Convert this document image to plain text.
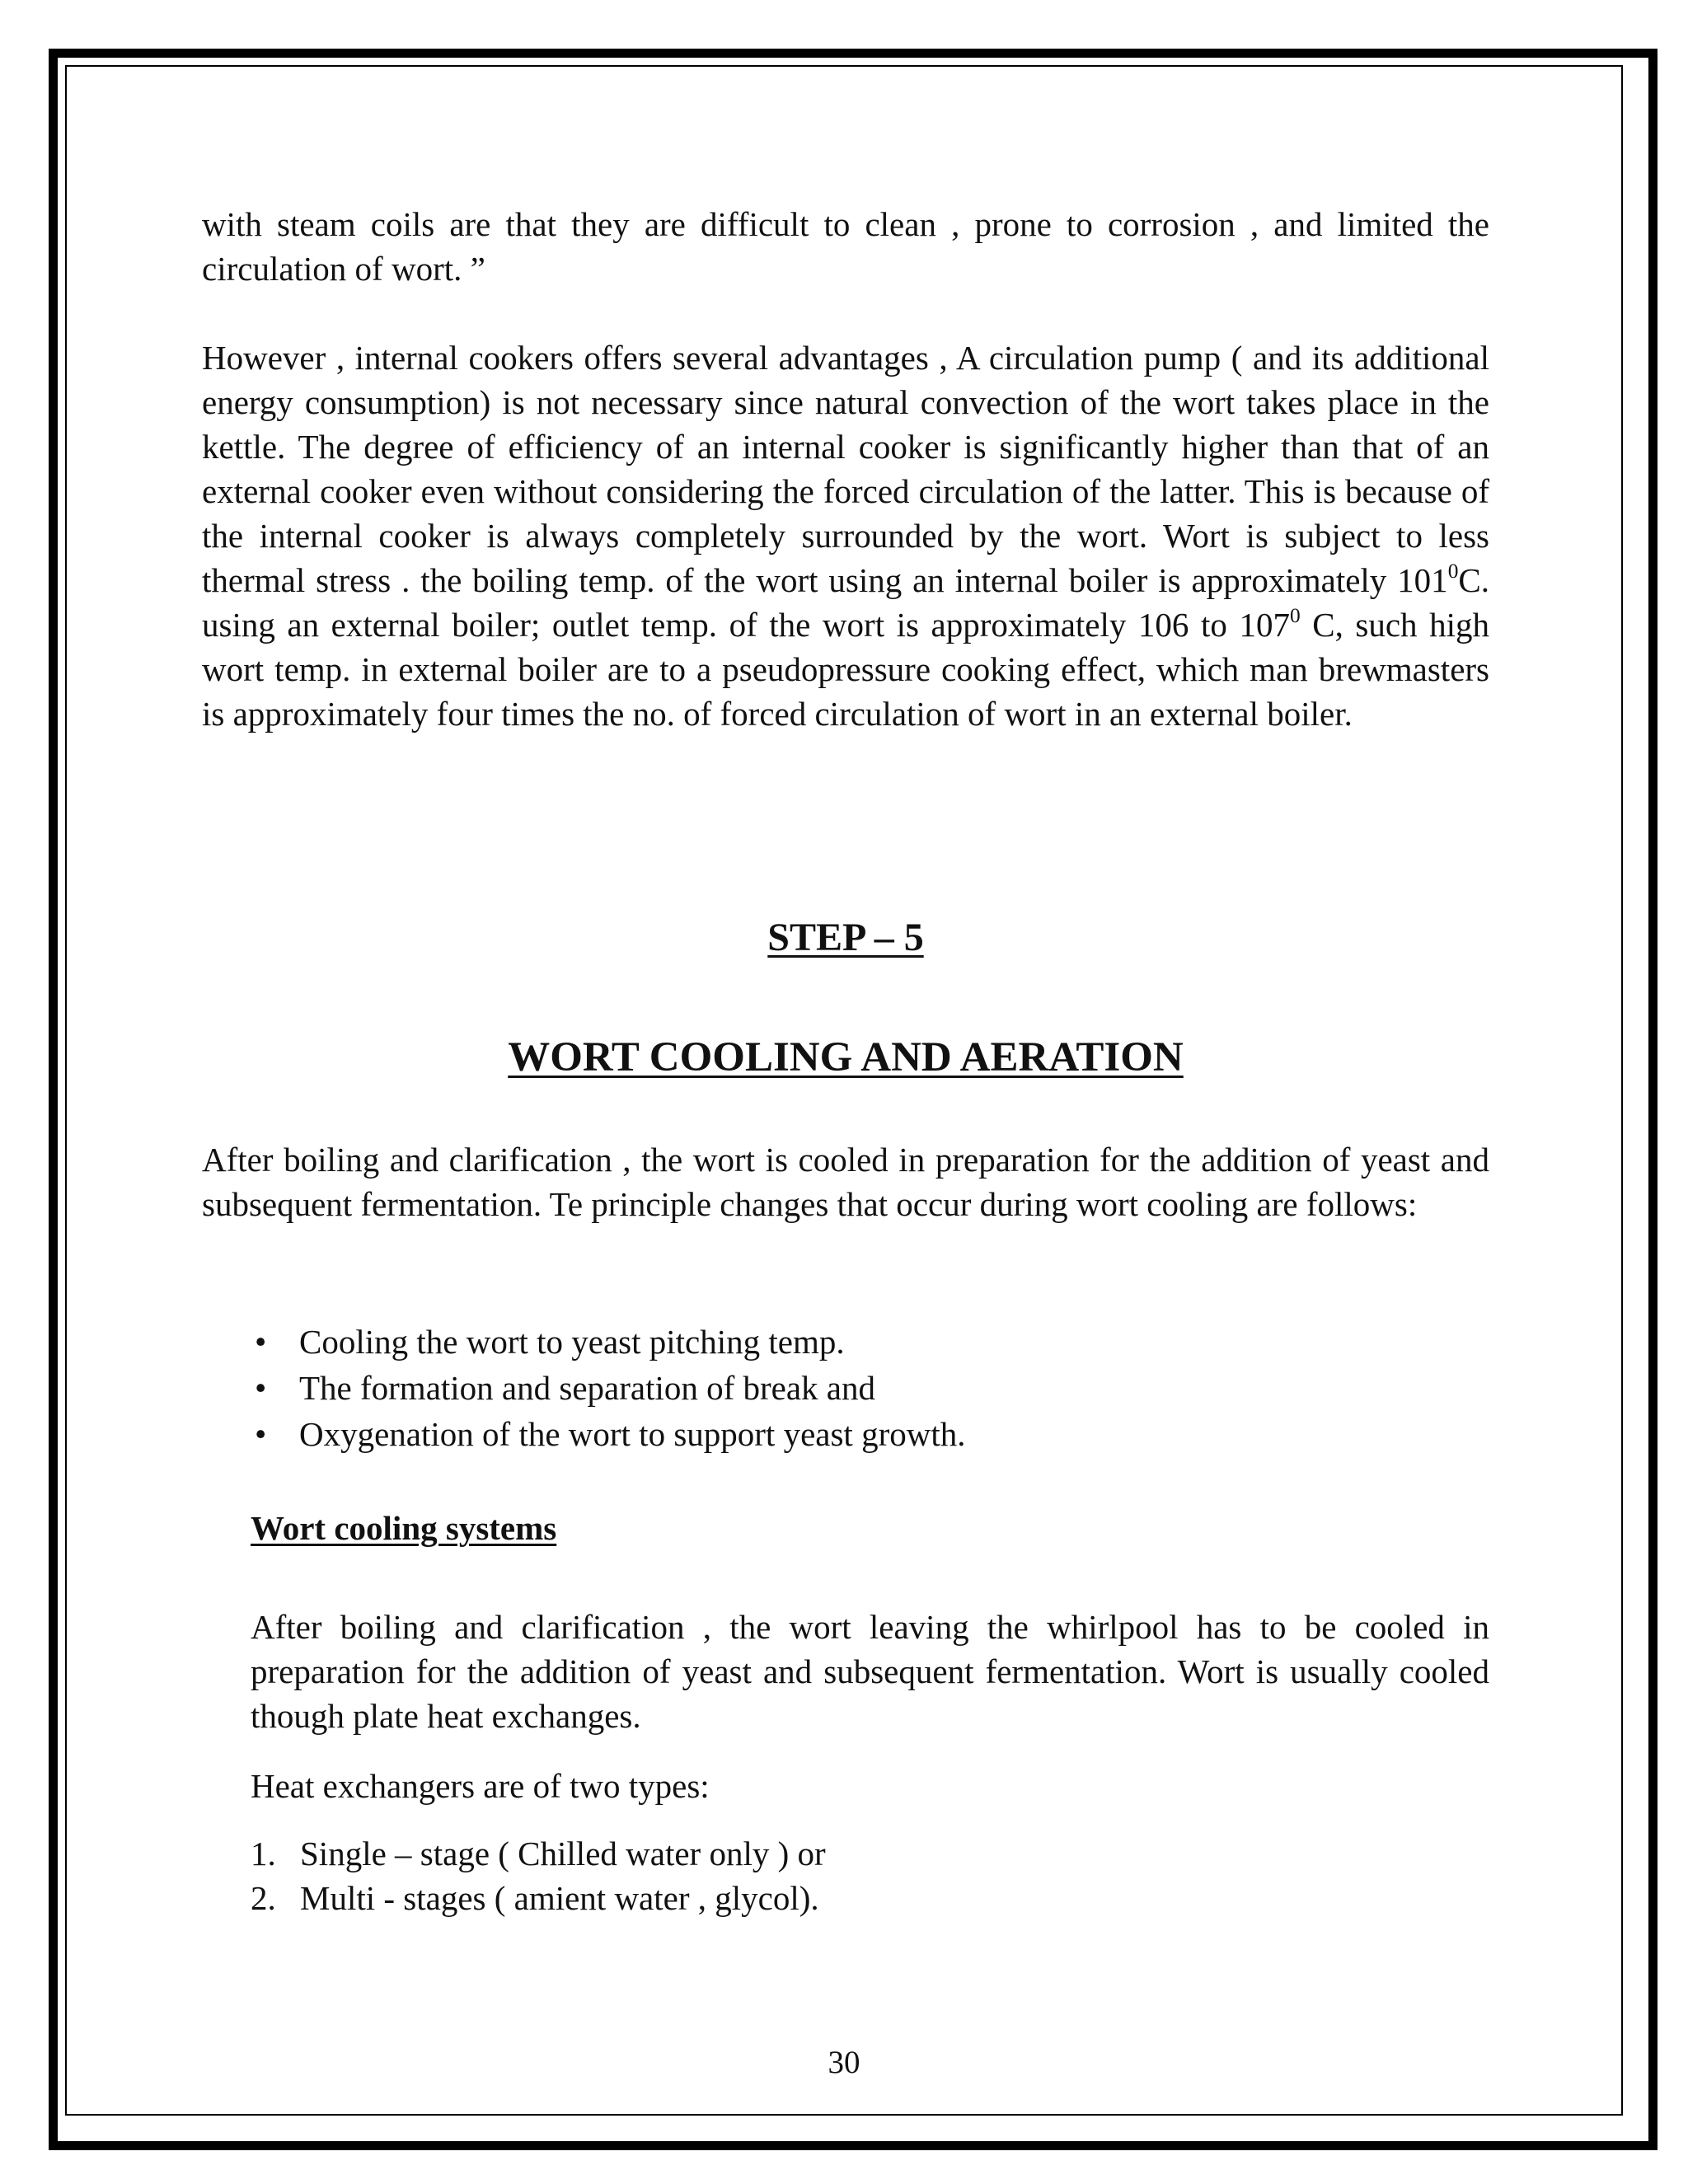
with steam coils are that they are difficult to clean , prone to corrosion , and limited the circulation of wort. ”

However , internal cookers offers several advantages , A circulation pump ( and its additional energy consumption) is not necessary since natural convection of the wort takes place in the kettle. The degree of efficiency of an internal cooker is significantly higher than that of an external cooker even without considering the forced circulation of the latter. This is because of the internal cooker is always completely surrounded by the wort. Wort is subject to less thermal stress . the boiling temp. of the wort using an internal boiler is approximately $101^0C$. using an external boiler; outlet temp. of the wort is approximately 106 to $107^0$ C, such high wort temp. in external boiler are to a pseudopressure cooking effect, which man brewmasters is approximately four times the no. of forced circulation of wort in an external boiler.

STEP – 5
WORT COOLING AND AERATION

After boiling and clarification , the wort is cooled in preparation for the addition of yeast and subsequent fermentation. Te principle changes that occur during wort cooling are follows:

• Cooling the wort to yeast pitching temp.
• The formation and separation of break and
• Oxygenation of the wort to support yeast growth.

Wort cooling systems

After boiling and clarification , the wort leaving the whirlpool has to be cooled in preparation for the addition of yeast and subsequent fermentation. Wort is usually cooled though plate heat exchanges.

Heat exchangers are of two types:

1. Single – stage ( Chilled water only ) or
2. Multi - stages ( amient water , glycol).
30
